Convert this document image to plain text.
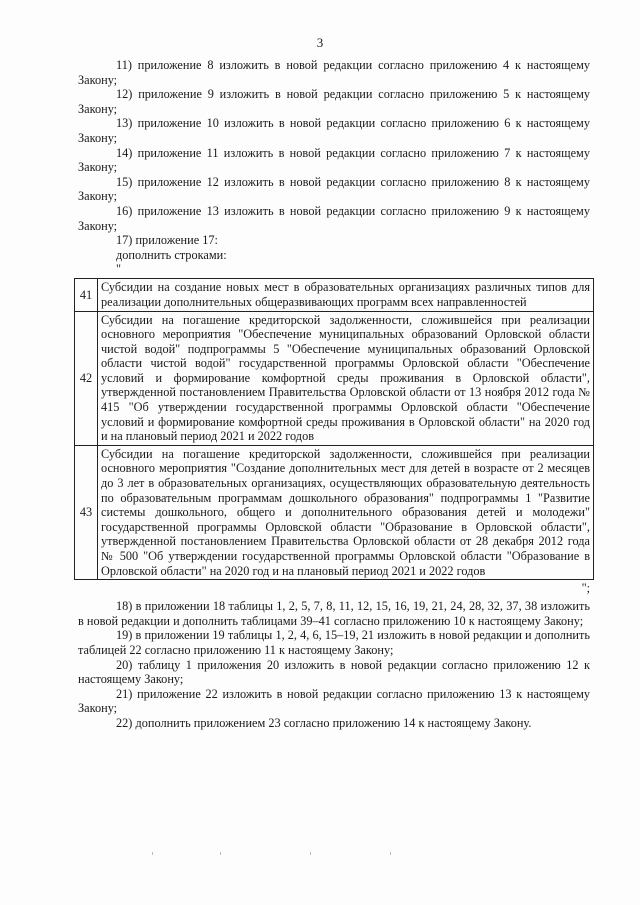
3

11) приложение 8 изложить в новой редакции согласно приложению 4 к настоящему Закону;

12) приложение 9 изложить в новой редакции согласно приложению 5 к настоящему Закону;

13) приложение 10 изложить в новой редакции согласно приложению 6 к настоящему Закону;

14) приложение 11 изложить в новой редакции согласно приложению 7 к настоящему Закону;

15) приложение 12 изложить в новой редакции согласно приложению 8 к настоящему Закону;

16) приложение 13 изложить в новой редакции согласно приложению 9 к настоящему Закону;

17) приложение 17:

дополнить строками:

"

41	Субсидии на создание новых мест в образовательных организациях различных типов для реализации дополнительных общеразвивающих программ всех направленностей
42	Субсидии на погашение кредиторской задолженности, сложившейся при реализации основного мероприятия "Обеспечение муниципальных образований Орловской области чистой водой" подпрограммы 5 "Обеспечение муниципальных образований Орловской области чистой водой" государственной программы Орловской области "Обеспечение условий и формирование комфортной среды проживания в Орловской области", утвержденной постановлением Правительства Орловской области от 13 ноября 2012 года № 415 "Об утверждении государственной программы Орловской области "Обеспечение условий и формирование комфортной среды проживания в Орловской области" на 2020 год и на плановый период 2021 и 2022 годов
43	Субсидии на погашение кредиторской задолженности, сложившейся при реализации основного мероприятия "Создание дополнительных мест для детей в возрасте от 2 месяцев до 3 лет в образовательных организациях, осуществляющих образовательную деятельность по образовательным программам дошкольного образования" подпрограммы 1 "Развитие системы дошкольного, общего и дополнительного образования детей и молодежи" государственной программы Орловской области "Образование в Орловской области", утвержденной постановлением Правительства Орловской области от 28 декабря 2012 года № 500 "Об утверждении государственной программы Орловской области "Образование в Орловской области" на 2020 год и на плановый период 2021 и 2022 годов
";

18) в приложении 18 таблицы 1, 2, 5, 7, 8, 11, 12, 15, 16, 19, 21, 24, 28, 32, 37, 38 изложить в новой редакции и дополнить таблицами 39–41 согласно приложению 10 к настоящему Закону;

19) в приложении 19 таблицы 1, 2, 4, 6, 15–19, 21 изложить в новой редакции и дополнить таблицей 22 согласно приложению 11 к настоящему Закону;

20) таблицу 1 приложения 20 изложить в новой редакции согласно приложению 12 к настоящему Закону;

21) приложение 22 изложить в новой редакции согласно приложению 13 к настоящему Закону;

22) дополнить приложением 23 согласно приложению 14 к настоящему Закону.
